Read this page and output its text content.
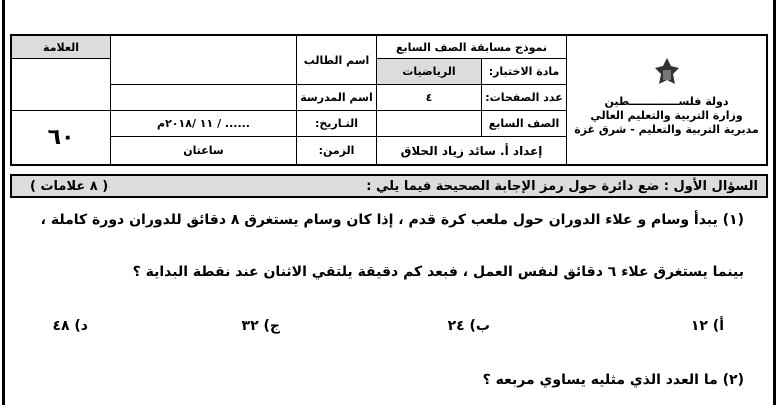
دولة فلســـــــــــــطين
وزارة التربية والتعليم العالي
مديرية التربية والتعليم - شرق غزة
نموذج مسابقة الصف السابع
مادة الاختبار:
الرياضيات
عدد الصفحات:
٤
الصف السابع
إعداد أ. سائد زياد الحلاق
اسم الطالب
اسم المدرسة
التـاريخ:
الزمن:
...... / ١١ /٢٠١٨م
ساعتان
العلامة
٦٠
السؤال الأول : ضع دائرة حول رمز الإجابة الصحيحة فيما يلي :
( ٨ علامات )
(١) يبدأ وسام و علاء الدوران حول ملعب كرة قدم ، إذا كان وسام يستغرق ٨ دقائق للدوران دورة كاملة ،
بينما يستغرق علاء ٦ دقائق لنفس العمل ، فبعد كم دقيقة يلتقي الاثنان عند نقطة البداية ؟
أ) ١٢
ب) ٢٤
ج) ٣٢
د) ٤٨
(٢) ما العدد الذي مثليه يساوي مربعه ؟
